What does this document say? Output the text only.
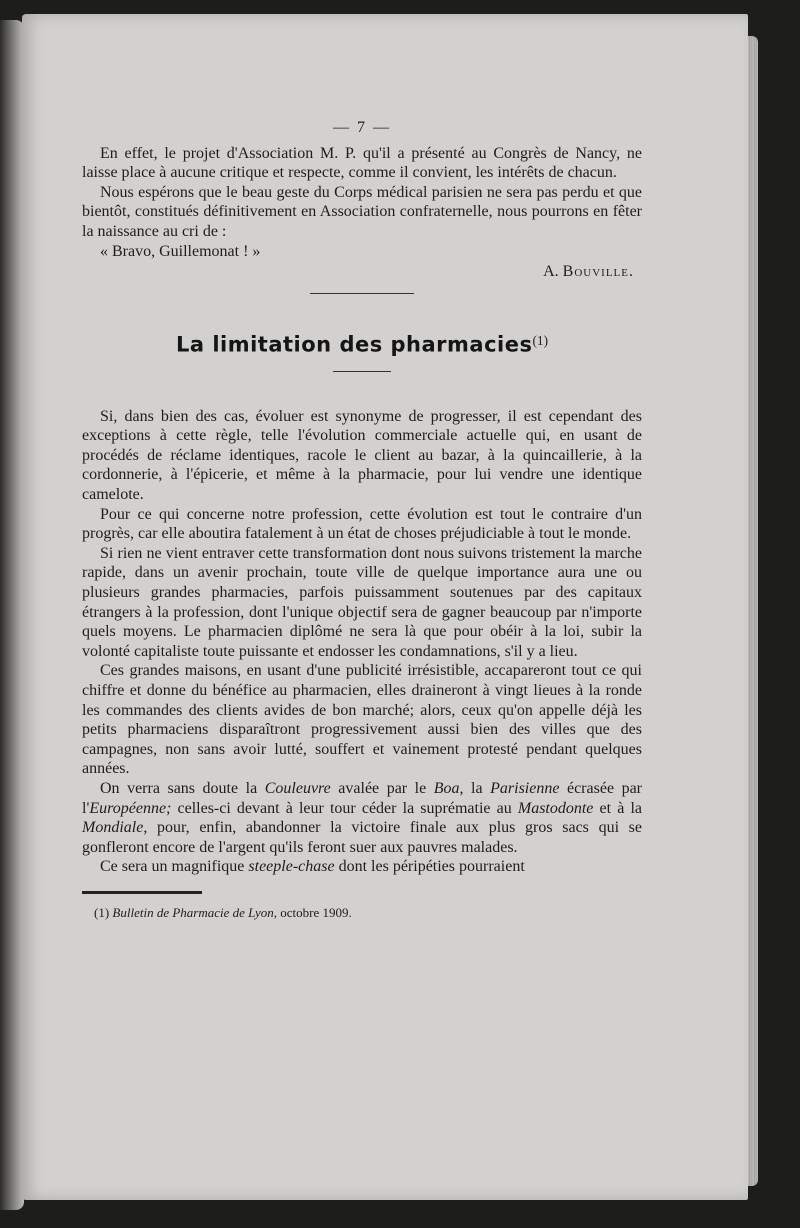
— 7 —

En effet, le projet d'Association M. P. qu'il a présenté au Congrès de Nancy, ne laisse place à aucune critique et respecte, comme il convient, les intérêts de chacun.

Nous espérons que le beau geste du Corps médical parisien ne sera pas perdu et que bientôt, constitués définitivement en Association confraternelle, nous pourrons en fêter la naissance au cri de :

« Bravo, Guillemonat ! »

A. Bouville.
La limitation des pharmacies$^{(1)}$

Si, dans bien des cas, évoluer est synonyme de progresser, il est cependant des exceptions à cette règle, telle l'évolution commerciale actuelle qui, en usant de procédés de réclame identiques, racole le client au bazar, à la quincaillerie, à la cordonnerie, à l'épicerie, et même à la pharmacie, pour lui vendre une identique camelote.

Pour ce qui concerne notre profession, cette évolution est tout le contraire d'un progrès, car elle aboutira fatalement à un état de choses préjudiciable à tout le monde.

Si rien ne vient entraver cette transformation dont nous suivons tristement la marche rapide, dans un avenir prochain, toute ville de quelque importance aura une ou plusieurs grandes pharmacies, parfois puissamment soutenues par des capitaux étrangers à la profession, dont l'unique objectif sera de gagner beaucoup par n'importe quels moyens. Le pharmacien diplômé ne sera là que pour obéir à la loi, subir la volonté capitaliste toute puissante et endosser les condamnations, s'il y a lieu.

Ces grandes maisons, en usant d'une publicité irrésistible, accapareront tout ce qui chiffre et donne du bénéfice au pharmacien, elles draineront à vingt lieues à la ronde les commandes des clients avides de bon marché; alors, ceux qu'on appelle déjà les petits pharmaciens disparaîtront progressivement aussi bien des villes que des campagnes, non sans avoir lutté, souffert et vainement protesté pendant quelques années.

On verra sans doute la Couleuvre avalée par le Boa, la Parisienne écrasée par l'Européenne; celles-ci devant à leur tour céder la suprématie au Mastodonte et à la Mondiale, pour, enfin, abandonner la victoire finale aux plus gros sacs qui se gonfleront encore de l'argent qu'ils feront suer aux pauvres malades.

Ce sera un magnifique steeple-chase dont les péripéties pourraient

(1) Bulletin de Pharmacie de Lyon, octobre 1909.
